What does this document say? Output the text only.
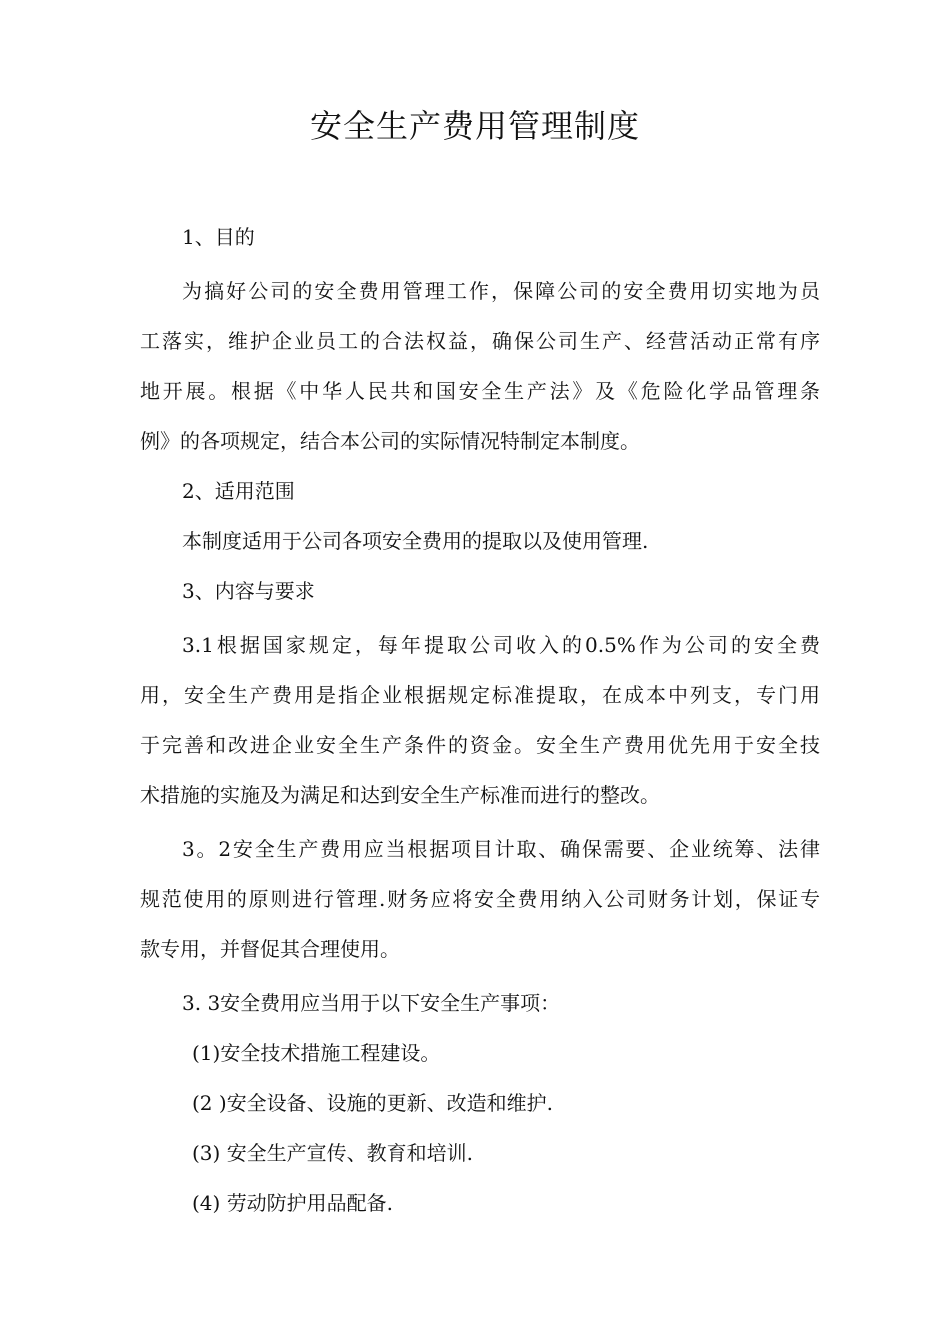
安全生产费用管理制度
1、目的
为搞好公司的安全费用管理工作，保障公司的安全费用切实地为员
工落实，维护企业员工的合法权益，确保公司生产、经营活动正常有序
地开展。根据《中华人民共和国安全生产法》及《危险化学品管理条
例》的各项规定，结合本公司的实际情况特制定本制度。
2、适用范围
本制度适用于公司各项安全费用的提取以及使用管理.
3、内容与要求
3.1根据国家规定，每年提取公司收入的0.5%作为公司的安全费
用，安全生产费用是指企业根据规定标准提取，在成本中列支，专门用
于完善和改进企业安全生产条件的资金。安全生产费用优先用于安全技
术措施的实施及为满足和达到安全生产标准而进行的整改。
3。2安全生产费用应当根据项目计取、确保需要、企业统筹、法律
规范使用的原则进行管理.财务应将安全费用纳入公司财务计划，保证专
款专用，并督促其合理使用。
3. 3安全费用应当用于以下安全生产事项：
(1)安全技术措施工程建设。
(2 )安全设备、设施的更新、改造和维护.
(3) 安全生产宣传、教育和培训.
(4) 劳动防护用品配备.
